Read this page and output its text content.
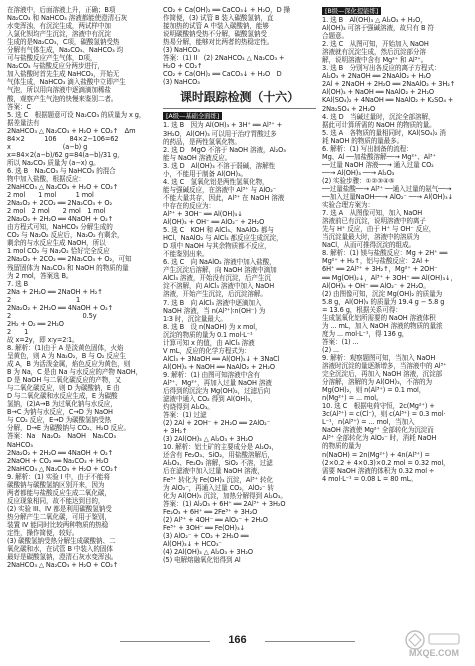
在溶液中，后面溶液上升，正确；B项
Na₂CO₃ 和 NaHCO₃ 溶液都能使澄清石灰
水变浑浊，有沉淀生成，两试样中加
入氯化钡均产生沉淀，溶液中有沉淀
生成的是Na₂CO₃，C项，碳酸氢钠受热
分解有气体生成，Na₂CO₃、NaHCO₃ 均
可与盐酸反应产生气体，D项，
Na₂CO₃ 与盐酸反应分两步进行，
加入盐酸时首先生成 NaHCO₃，开始无
气体生成，NaHCO₃ 滴入盐酸中立即产生
气泡，所以用向溶液中逐滴滴加稀盐
酸，观察产生气泡的快慢来鉴别二者。
答案：C
5. 选 C　根据题意可设 Na₂CO₃ 的质量为 x g，
据差量法有
2NaHCO₃ △ Na₂CO₃ + H₂O + CO₂↑　Δm
84×2　　　106　　84×2−106=62
x　　　　　　　　(a−b) g
x=84×2(a−b)/62 g=84(a−b)/31 g，
所以 Na₂CO₃ 质量为 (a−x) g。
6. 选 B　Na₂CO₃ 与 NaHCO₃ 的混合
物中加入盐酸，根据反应：
2NaHCO₃ △ Na₂CO₃ + H₂O + CO₂↑
2 mol　　1 mol　　　1 mol
2Na₂O₂ + 2CO₂ ══ 2Na₂CO₃ + O₂
2 mol　2 mol　　2 mol　1 mol
2Na₂O₂ + 2H₂O ══ 4NaOH + O₂↑
由方程式可知，NaHCO₃ 分解生成的
CO₂ 与 Na₂O₂ 反应后，Na₂O₂ 有剩余，
剩余的与水反应生成 NaOH，所以
1 mol CO₂ 与 Na₂O₂ 恰好完全反应
2Na₂O₂ + 2CO₂ ══ 2Na₂CO₃ + O₂，可知
残留固体为 Na₂CO₃ 和 NaOH 的物质的量
为 2 mol，答案选 B。
7. 选 B
2Na + 2H₂O ══ 2NaOH + H₂↑
2　　　　　　　　　　1
2Na₂O₂ + 2H₂O ══ 4NaOH + O₂↑
2　　　　　　　　　　　0.5y
2H₂ + O₂ ══ 2H₂O
2　　1
故 x=2y，即 x∶y=2∶1。
8. 解析：(1)由于 A 是淡黄色固体，火焰
呈黄色，则 A 为 Na₂O₂，B 与 O₂ 反应生
成 A，B 为活泼金属，焰色反应为黄色，则
B 为 Na，C 是由 Na 与水反应的产物 NaOH，
D 是 NaOH 与二氧化碳反应的产物，又
与二氧化碳反应，则 D 为碳酸钠，E 由
D 与二氧化碳和水反应生成，E 为碳酸
氢钠，(2)A→B 为过氧化钠与水反应，
B→C 为钠与水反应，C→D 为 NaOH
与 CO₂ 反应，E→D 为碳酸氢钠受热
分解，D→E 为碳酸钠与 CO₂、H₂O 反应。
答案：Na　Na₂O₂　NaOH　Na₂CO₃
NaHCO₃
2Na₂O₂ + 2H₂O ══ 4NaOH + O₂↑
2NaOH + CO₂ ══ Na₂CO₃ + H₂O
2NaHCO₃ △ Na₂CO₃ + H₂O + CO₂↑
9. 解析：(1) 实验 I 中，由于不能将
碳酸钠与碳酸氢钠区别开来，因为
两者都能与盐酸反应生成二氧化碳，
反应现象相同，故不能达到目的，
(2) 实验 III、IV 都是利用碳酸氢钠受
热分解产生二氧化碳，可用于鉴别，
装置 IV 能同时比较两种物质的热稳
定性，操作简便，较好。
(3) 碳酸氢钠受热分解生成碳酸钠、二
氧化碳和水，在试管 B 中装入的固体
最好是碳酸氢钠，澄清石灰水变浑浊。
2NaHCO₃ △ Na₂CO₃ + H₂O + CO₂↑
CO₂ + Ca(OH)₂ ══ CaCO₃↓ + H₂O，D 操
作简便，(3) 试管 B 装入碳酸氢钠，直
接加热的试管 A 中装入碳酸钠，能够
说明碳酸钠受热不分解，碳酸氢钠受
热易分解，能够对比两者的热稳定性。
(3) NaHCO₃
答案：(1) II　(2) 2NaHCO₃ △ Na₂CO₃ +
H₂O + CO₂↑
CO₂ + Ca(OH)₂ ══ CaCO₃↓ + H₂O　D
(3) NaHCO₃
课时跟踪检测（十六）
[A级—基础全面练]
1. 选 B　因为 Al(OH)₃ + 3H⁺ ══ Al³⁺ +
3H₂O，Al(OH)₃ 可以用于治疗胃酸过多
的药品，是两性氢氧化物。
2. 选 D　MgO 不溶于 NaOH 溶液，Al₂O₃
能与 NaOH 溶液反应。
3. 选 D　Al(OH)₃ 不溶于弱碱，溶解性
小，不能用于制备 Al(OH)₃。
4. 选 C　氢氧化铝是两性氢氧化物，
能与强碱反应，在溶液中 Al³⁺ 与 AlO₂⁻
不能大量共存，因此，Al³⁺ 在 NaOH 溶液
中存在的反应为：
Al³⁺ + 3OH⁻ ══ Al(OH)₃↓
Al(OH)₃ + OH⁻ ══ AlO₂⁻ + 2H₂O
5. 选 C　KOH 和 AlCl₃、NaAlO₂ 都与
HCl、NaAlO₂ 与 AlCl₃ 都反应生成沉淀，
D 项中 NaOH 与其余物质都不反应，
不能鉴别出来。
6. 选 C　向 NaAlO₂ 溶液中加入盐酸，
产生沉淀后溶解，向 NaOH 溶液中滴加
AlCl₃ 溶液，开始没有沉淀，后产生沉
淀不溶解，向 AlCl₃ 溶液中加入 NaOH
溶液，开始产生沉淀，后沉淀溶解。
7. 选 B　向 AlCl₃ 溶液中逐滴加入
NaOH 溶液，当 n(Al³⁺)∶n(OH⁻) 为
1∶3 时，沉淀量最大。
8. 选 B　设 n(NaOH) 为 x mol，
沉淀的物质的量为 0.1 mol·L⁻¹
计算可知 x 的值，由 AlCl₃ 溶液
V mL，反应的化学方程式为：
AlCl₃ + 3NaOH ══ Al(OH)₃↓ + 3NaCl
Al(OH)₃ + NaOH ══ NaAlO₂ + 2H₂O
9. 解析：(1) 由图可知溶液中含有
Al³⁺、Mg²⁺，再加入过量 NaOH 溶液
后得到的沉淀为 Mg(OH)₂，过滤后向
滤液中通入 CO₂ 得到 Al(OH)₃，
灼烧得到 Al₂O₃。
答案：(1) 过滤
(2) 2Al + 2OH⁻ + 2H₂O ══ 2AlO₂⁻
+ 3H₂↑
(3) 2Al(OH)₃ △ Al₂O₃ + 3H₂O
10. 解析：铝土矿的主要成分是 Al₂O₃，
还含有 Fe₂O₃、SiO₂，用盐酸溶解后，
Al₂O₃、Fe₂O₃ 溶解，SiO₂ 不溶，过滤
后在滤液中加入过量 NaOH 溶液，
Fe³⁺ 转化为 Fe(OH)₃ 沉淀，Al³⁺ 转化
为 AlO₂⁻，再通入过量 CO₂，AlO₂⁻ 转
化为 Al(OH)₃ 沉淀，加热分解得到 Al₂O₃。
答案：(1) Al₂O₃ + 6H⁺ ══ 2Al³⁺ + 3H₂O
Fe₂O₃ + 6H⁺ ══ 2Fe³⁺ + 3H₂O
(2) Al³⁺ + 4OH⁻ ══ AlO₂⁻ + 2H₂O
Fe³⁺ + 3OH⁻ ══ Fe(OH)₃↓
(3) AlO₂⁻ + CO₂ + 2H₂O ══
Al(OH)₃↓ + HCO₃⁻
(4) 2Al(OH)₃ △ Al₂O₃ + 3H₂O
(5) 电解熔融氧化铝得到 Al
[B级—深化提能练]
1. 选 B　Al(OH)₃ △ Al₂O₃ + H₂O，
Al(OH)₃ 可溶于强碱溶液，故只有 B 符
合题意。
2. 选 C　从图可知，开始加入 NaOH
溶液就有沉淀生成，然后沉淀部分溶
解，说明溶液中含有 Mg²⁺ 和 Al³⁺。
3. 选 B　分别写出各反应的离子方程式：
Al₂O₃ + 2NaOH ══ 2NaAlO₂ + H₂O
2Al + 2NaOH + 2H₂O ══ 2NaAlO₂ + 3H₂↑
Al(OH)₃ + NaOH ══ NaAlO₂ + 2H₂O
KAl(SO₄)₂ + 4NaOH ══ NaAlO₂ + K₂SO₄ +
2Na₂SO₄ + 2H₂O
4. 选 D　当碱过量时，沉淀全部溶解，
据此可计算所需的 NaOH 的物质的量。
5. 选 A　各物质的量相同时，KAl(SO₄)₂ 消
耗 NaOH 的物质的量最多。
6. 解析：(1) 写出制备的流程：
Mg、Al ──加盐酸溶解──→ Mg²⁺、Al³⁺
──过量 NaOH 溶液──→ 通入过量 CO₂
──→ Al(OH)₃ ──→ Al₂O₃
(2) 实验步骤：①②③④⑤
──过量盐酸──→ Al³⁺ ──通入过量的氨气──→
──加入过量NaOH──→ AlO₂⁻ ──→ Al(OH)₃↓
实验合理方案为：
7. 选 A　从图像可知，加入 NaOH
溶液前已有沉淀，说明溶液中的离子
先与 H⁺ 反应，由于 H⁺ 与 OH⁻ 反应，
当沉淀量最大时，溶液中的溶质为
NaCl，从而可推得沉淀的组成。
8. 解析：(1) 镁与盐酸反应：Mg + 2H⁺ ══
Mg²⁺ + H₂↑，铝与盐酸反应：2Al +
6H⁺ ══ 2Al³⁺ + 3H₂↑，Mg²⁺ + 2OH⁻
══ Mg(OH)₂↓，Al³⁺ + 3OH⁻ ══ Al(OH)₃↓，
Al(OH)₃ + OH⁻ ══ AlO₂⁻ + 2H₂O。
(2) 由图像可知，沉淀 Mg(OH)₂ 的质量为
5.8 g，Al(OH)₃ 的质量为 19.4 g − 5.8 g
= 13.6 g，根据关系可得：
生成氢氧化铝所需要的 NaOH 溶液体积
为 ... mL，加入 NaOH 溶液的物质的量浓
度为 ... mol·L⁻¹，得 136 g，
答案：(1) ...
(2) ...
9. 解析：观察题图可知，当加入 NaOH
溶液时沉淀的量逐渐增多，当溶液中的 Al³⁺
完全沉淀后，再加入 NaOH 溶液，沉淀部
分溶解，溶解的为 Al(OH)₃，不溶的为
Mg(OH)₂，则 n(Al³⁺) = 0.1 mol，
n(Mg²⁺) = ... mol。
10. 选 C　根据电荷守恒，2c(Mg²⁺) +
3c(Al³⁺) = c(Cl⁻)，则 c(Al³⁺) = 0.3 mol·
L⁻¹，n(Al³⁺) = ... mol，当加入
NaOH 溶液使 Mg²⁺ 全部转化为沉淀而
Al³⁺ 全部转化为 AlO₂⁻ 时，消耗 NaOH
的物质的量为
n(NaOH) = 2n(Mg²⁺) + 4n(Al³⁺) =
(2×0.2 + 4×0.3)×0.2 mol = 0.32 mol，
需要 NaOH 溶液的体积为 0.32 mol ÷
4 mol·L⁻¹ = 0.08 L = 80 mL。
166
MXQE.COM
